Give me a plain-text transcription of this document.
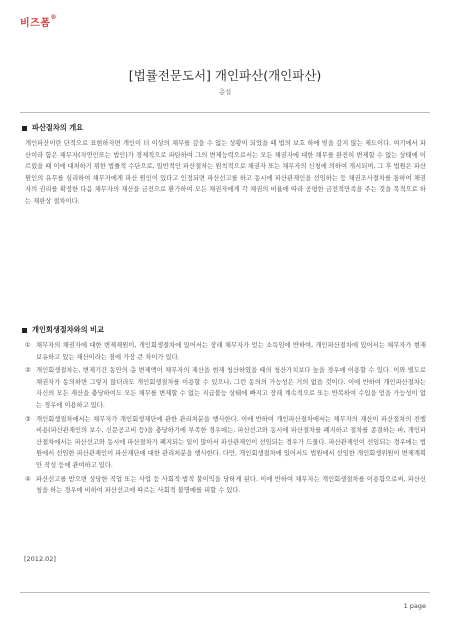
비즈폼®
[법률전문도서] 개인파산(개인파산)
총설
파산절차의 개요

개인파산이란 단적으로 표현하자면 개인이 더 이상의 채무를 갚을 수 없는 상황이 되었을 때 법의 보호 하에 빚을 갚지 않는 제도이다. 여기에서 파산이라 함은 채무자(자연인또는 법인)가 경제적으로 파탄하여 그의 변제능력으로서는 모든 채권자에 대한 채무를 완전히 변제할 수 없는 상태에 이르렀을 때 이에 대처하기 위한 법률적 수단으로, 일반적인 파산절차는 원칙적으로 채권자 또는 채무자의 신청에 의하여 개시되며, 그 후 법원은 파산원인의 유무를 심리하여 채무자에게 파산 원인이 있다고 인정되면 파산선고를 하고 동시에 파산관재인을 선임하는 등 채권조사절차를 통하여 채권자의 권리를 확정한 다음 채무자의 재산을 금전으로 환가하여 모든 채권자에게 각 채권의 비율에 따라 공평한 금전적만족을 주는 것을 목적으로 하는 재판상 절차이다.

개인회생절차와의 비교
① 채무자의 채권자에 대한 변제재원이, 개인회생절차에 있어서는 장래 채무자가 얻는 소득임에 반하여, 개인파산절차에 있어서는 채무자가 현재 보유하고 있는 재산이라는 점에 가장 큰 차이가 있다.
② 개인회생절차는, 변제기간 동안의 총 변제액이 채무자의 재산을 현재 청산하였을 때의 청산가치보다 높을 경우에 이용할 수 있다. 이와 별도로 채권자가 동의하면 그렇지 않더라도 개인회생절차를 이용할 수 있으나, 그런 동의의 가능성은 거의 없을 것이다. 이에 반하여 개인파산절차는 자신의 모든 재산을 충당하여도 모든 채무를 변제할 수 없는 지급불능 상태에 빠지고 장래 계속적으로 또는 반복하여 수입을 얻을 가능성이 없는 경우에 이용하고 있다.
③ 개인회생절차에서는 채무자가 개인회생재단에 관한 관리처분을 행사한다. 이에 반하여 개인파산절차에서는 채무자의 재산이 파산절차의 진행비용(파산관재인의 보수, 신문공고비 등)을 충당하기에 부족한 경우에는, 파산선고와 동시에 파산절차를 폐지하고 절차를 종결하는 바, 개인파산절차에서는 파산선고와 동시에 파산절차가 폐지되는 일이 많아서 파산관재인이 선임되는 경우가 드물다. 파산관재인이 선임되는 경우에는 법원에서 선임한 파산관재인이 파산재단에 대한 관리처분을 행사한다. 다만, 개인회생절차에 있어서도 법원에서 선임한 개인회생위원이 변제계획안 작성 등에 관여하고 있다.
④ 파산선고를 받으면 상당한 직업 또는 사업 등 사회적·법적 불이익을 당하게 된다. 이에 반하여 채무자는 개인회생절차를 이용함으로써, 파산신청을 하는 경우에 비하여 파산선고에 따르는 사회적 불명예를 피할 수 있다.
[2012.02]
1 page
